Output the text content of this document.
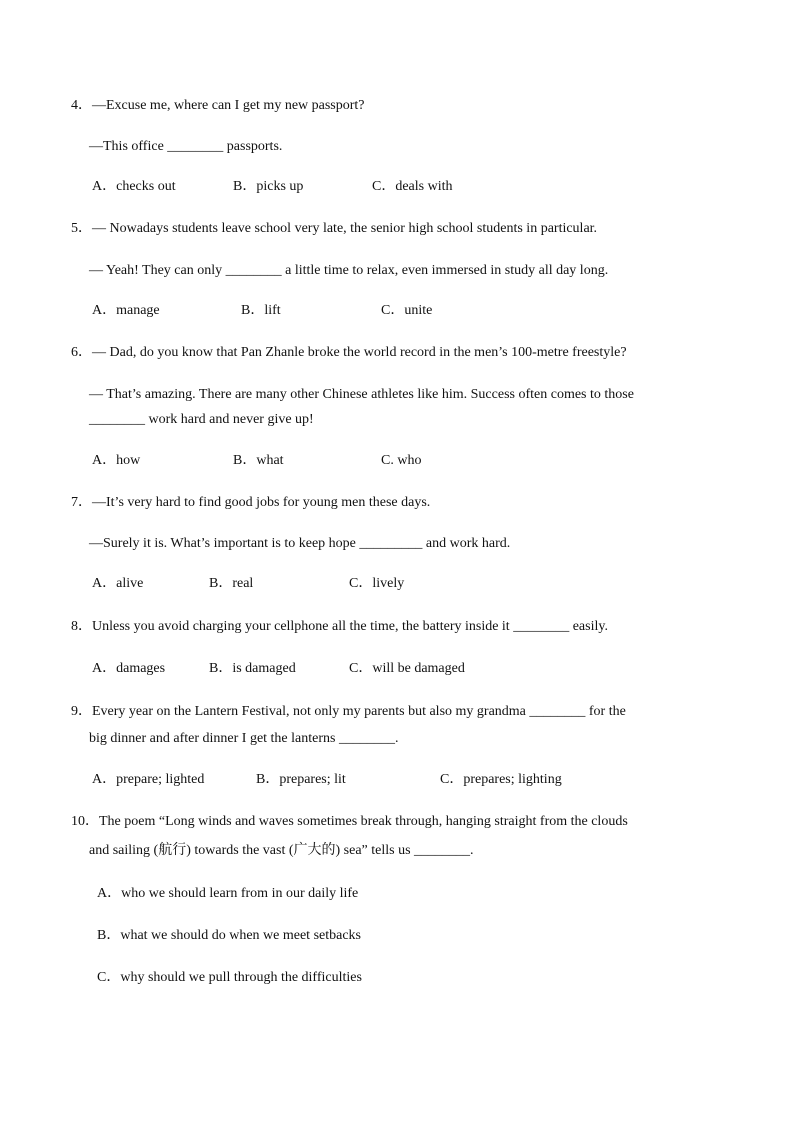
4．—Excuse me, where can I get my new passport?
—This office ________ passports.
A．checks out	B．picks up	C．deals with
5．— Nowadays students leave school very late, the senior high school students in particular.
— Yeah! They can only ________ a little time to relax, even immersed in study all day long.
A．manage	B．lift	C．unite
6．— Dad, do you know that Pan Zhanle broke the world record in the men’s 100-metre freestyle?
— That’s amazing. There are many other Chinese athletes like him. Success often comes to those
________ work hard and never give up!
A．how	B．what	C. who
7．—It’s very hard to find good jobs for young men these days.
—Surely it is. What’s important is to keep hope _________ and work hard.
A．alive	B．real	C．lively
8．Unless you avoid charging your cellphone all the time, the battery inside it ________ easily.
A．damages	B．is damaged	C．will be damaged
9．Every year on the Lantern Festival, not only my parents but also my grandma ________ for the
big dinner and after dinner I get the lanterns ________.
A．prepare; lighted	B．prepares; lit	C．prepares; lighting
10．The poem “Long winds and waves sometimes break through, hanging straight from the clouds
and sailing (航行) towards the vast (广大的) sea” tells us ________.
A．who we should learn from in our daily life
B．what we should do when we meet setbacks
C．why should we pull through the difficulties
